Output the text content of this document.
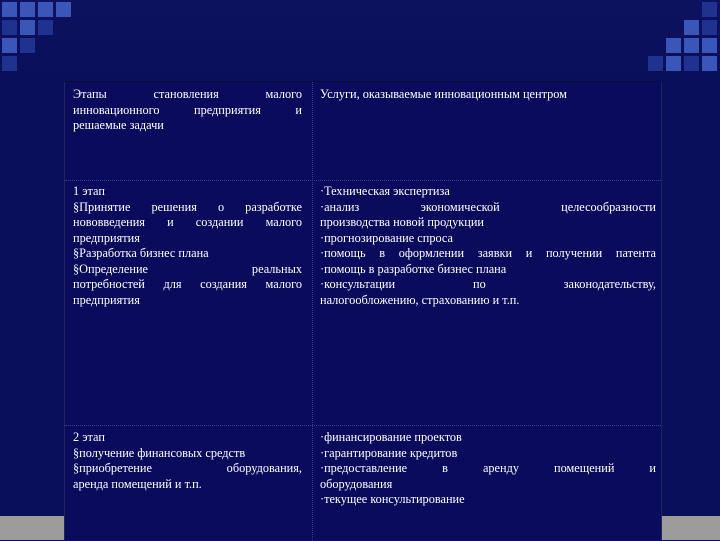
Этапы становления малого
инновационного предприятия и
решаемые задачи
Услуги, оказываемые инновационным центром
1 этап
§Принятие решения о разработке
нововведения и создании малого
предприятия
§Разработка бизнес плана
§Определение реальных
потребностей для создания малого
предприятия
·Техническая экспертиза
·анализ экономической целесообразности
производства новой продукции
·прогнозирование спроса
·помощь в оформлении заявки и получении патента
·помощь в разработке бизнес плана
·консультации по законодательству,
налогообложению, страхованию и т.п.
2 этап
§получение финансовых средств
§приобретение оборудования,
аренда помещений и т.п.
·финансирование проектов
·гарантирование кредитов
·предоставление в аренду помещений и
оборудования
·текущее консультирование
